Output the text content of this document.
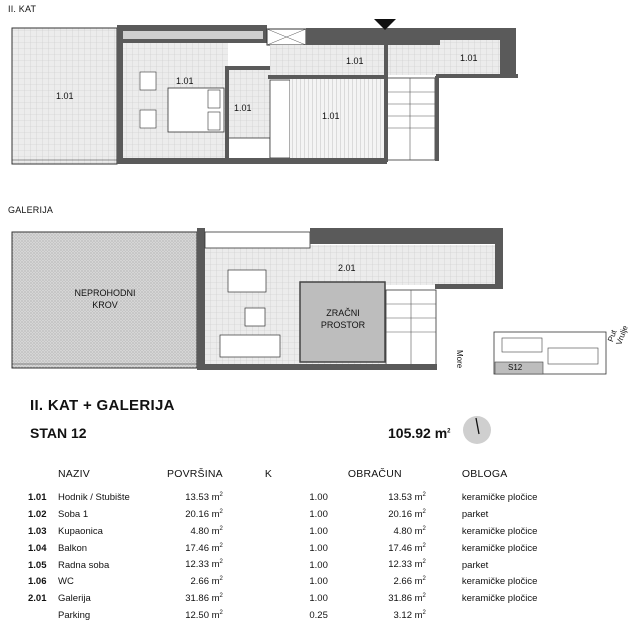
II. KAT
GALERIJA
1.01
1.01
1.01
1.01
1.01
1.01
2.01
NEPROHODNI
KROV
ZRAČNI
PROSTOR
More
Put Vrulje
S12
II. KAT + GALERIJA
STAN 12	105.92 $m^2$
	NAZIV	POVRŠINA	K	OBRAČUN	OBLOGA
1.01	Hodnik / Stubište	13.53 $m^2$	1.00	13.53 $m^2$	keramičke pločice
1.02	Soba 1	20.16 $m^2$	1.00	20.16 $m^2$	parket
1.03	Kupaonica	4.80 $m^2$	1.00	4.80 $m^2$	keramičke pločice
1.04	Balkon	17.46 $m^2$	1.00	17.46 $m^2$	keramičke pločice
1.05	Radna soba	12.33 $m^2$	1.00	12.33 $m^2$	parket
1.06	WC	2.66 $m^2$	1.00	2.66 $m^2$	keramičke pločice
2.01	Galerija	31.86 $m^2$	1.00	31.86 $m^2$	keramičke pločice
	Parking	12.50 $m^2$	0.25	3.12 $m^2$	
